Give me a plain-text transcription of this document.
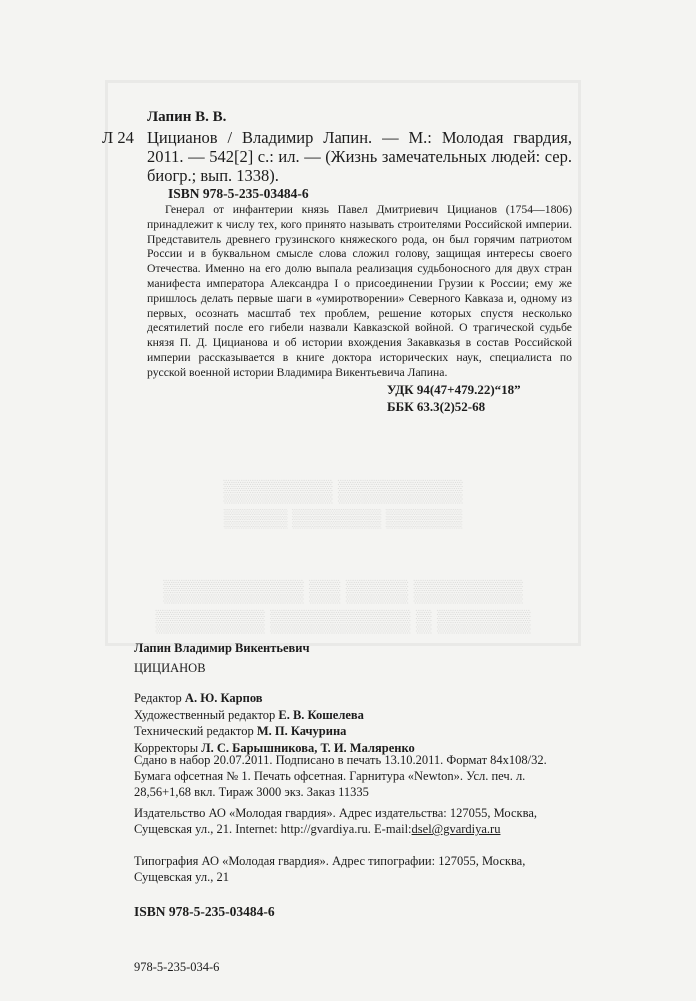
▒▒▒▒▒▒▒▒ ▒▒▒▒▒▒▒
▒▒▒▒▒▒ ▒▒▒▒▒▒▒ ▒▒▒▒▒
▒▒▒▒▒▒▒ ▒▒▒▒ ▒▒ ▒▒▒▒▒▒▒▒▒
▒▒▒▒▒▒ ▒ ▒▒▒▒▒▒▒▒▒ ▒▒▒▒▒▒▒
Лапин В. В.
Л 24 Цицианов / Владимир Лапин. — М.: Молодая гвардия, 2011. — 542[2] с.: ил. — (Жизнь замечательных людей: сер. биогр.; вып. 1338).
ISBN 978-5-235-03484-6
Генерал от инфантерии князь Павел Дмитриевич Цицианов (1754—1806) принадлежит к числу тех, кого принято называть строителями Российской империи. Представитель древнего грузинского княжеского рода, он был горячим патриотом России и в буквальном смысле слова сложил голову, защищая интересы своего Отечества. Именно на его долю выпала реализация судьбоносного для двух стран манифеста императора Александра I о присоединении Грузии к России; ему же пришлось делать первые шаги в «умиротворении» Северного Кавказа и, одному из первых, осознать масштаб тех проблем, решение которых спустя несколько десятилетий после его гибели назвали Кавказской войной. О трагической судьбе князя П. Д. Цицианова и об истории вхождения Закавказья в состав Российской империи рассказывается в книге доктора исторических наук, специалиста по русской военной истории Владимира Викентьевича Лапина.
УДК 94(47+479.22)“18”
ББК 63.3(2)52-68
Лапин Владимир Викентьевич
ЦИЦИАНОВ
Редактор А. Ю. Карпов
Художественный редактор Е. В. Кошелева
Технический редактор М. П. Качурина
Корректоры Л. С. Барышникова, Т. И. Маляренко
Сдано в набор 20.07.2011. Подписано в печать 13.10.2011. Формат 84x108/32. Бумага офсетная № 1. Печать офсетная. Гарнитура «Newton». Усл. печ. л. 28,56+1,68 вкл. Тираж 3000 экз. Заказ 11335
Издательство АО «Молодая гвардия». Адрес издательства: 127055, Москва, Сущевская ул., 21. Internet: http://gvardiya.ru. E-mail:dsel@gvardiya.ru
Типография АО «Молодая гвардия». Адрес типографии: 127055, Москва, Сущевская ул., 21
ISBN 978-5-235-03484-6
978-5-235-034-6
